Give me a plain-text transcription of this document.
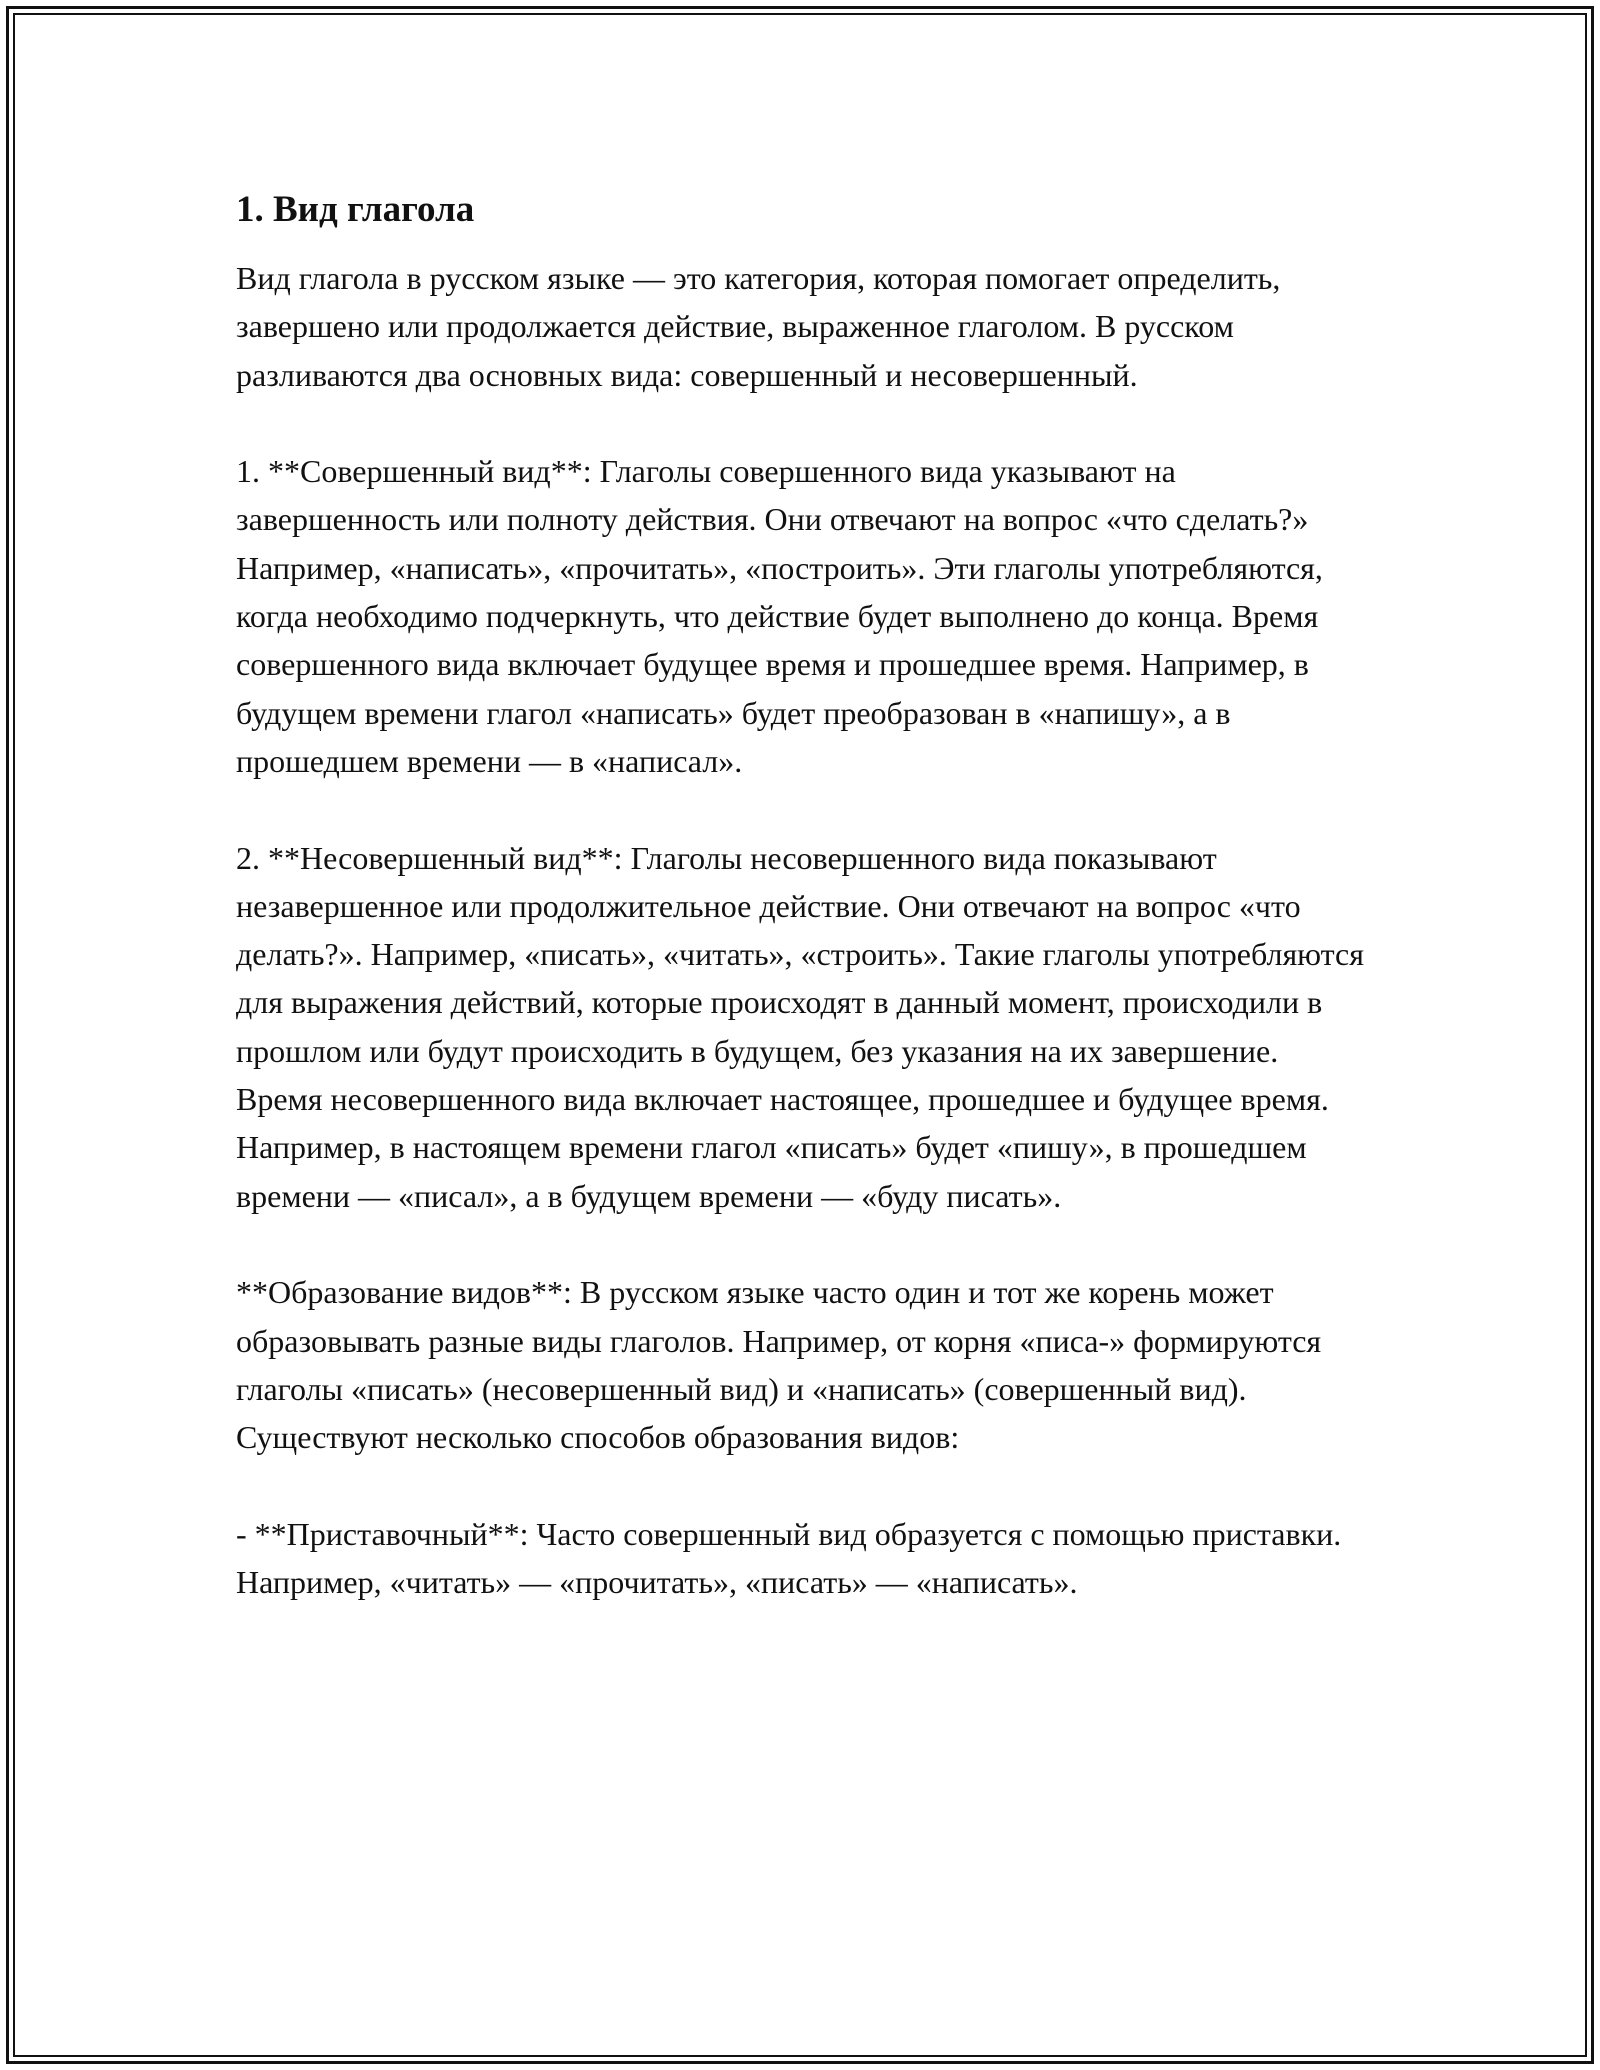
1. Вид глагола

Вид глагола в русском языке — это категория, которая помогает определить, завершено или продолжается действие, выраженное глаголом. В русском разливаются два основных вида: совершенный и несовершенный.

1. **Совершенный вид**: Глаголы совершенного вида указывают на завершенность или полноту действия. Они отвечают на вопрос «что сделать?» Например, «написать», «прочитать», «построить». Эти глаголы употребляются, когда необходимо подчеркнуть, что действие будет выполнено до конца. Время совершенного вида включает будущее время и прошедшее время. Например, в будущем времени глагол «написать» будет преобразован в «напишу», а в прошедшем времени — в «написал».

2. **Несовершенный вид**: Глаголы несовершенного вида показывают незавершенное или продолжительное действие. Они отвечают на вопрос «что делать?». Например, «писать», «читать», «строить». Такие глаголы употребляются для выражения действий, которые происходят в данный момент, происходили в прошлом или будут происходить в будущем, без указания на их завершение. Время несовершенного вида включает настоящее, прошедшее и будущее время. Например, в настоящем времени глагол «писать» будет «пишу», в прошедшем времени — «писал», а в будущем времени — «буду писать».

**Образование видов**: В русском языке часто один и тот же корень может образовывать разные виды глаголов. Например, от корня «писа-» формируются глаголы «писать» (несовершенный вид) и «написать» (совершенный вид). Существуют несколько способов образования видов:

- **Приставочный**: Часто совершенный вид образуется с помощью приставки. Например, «читать» — «прочитать», «писать» — «написать».
